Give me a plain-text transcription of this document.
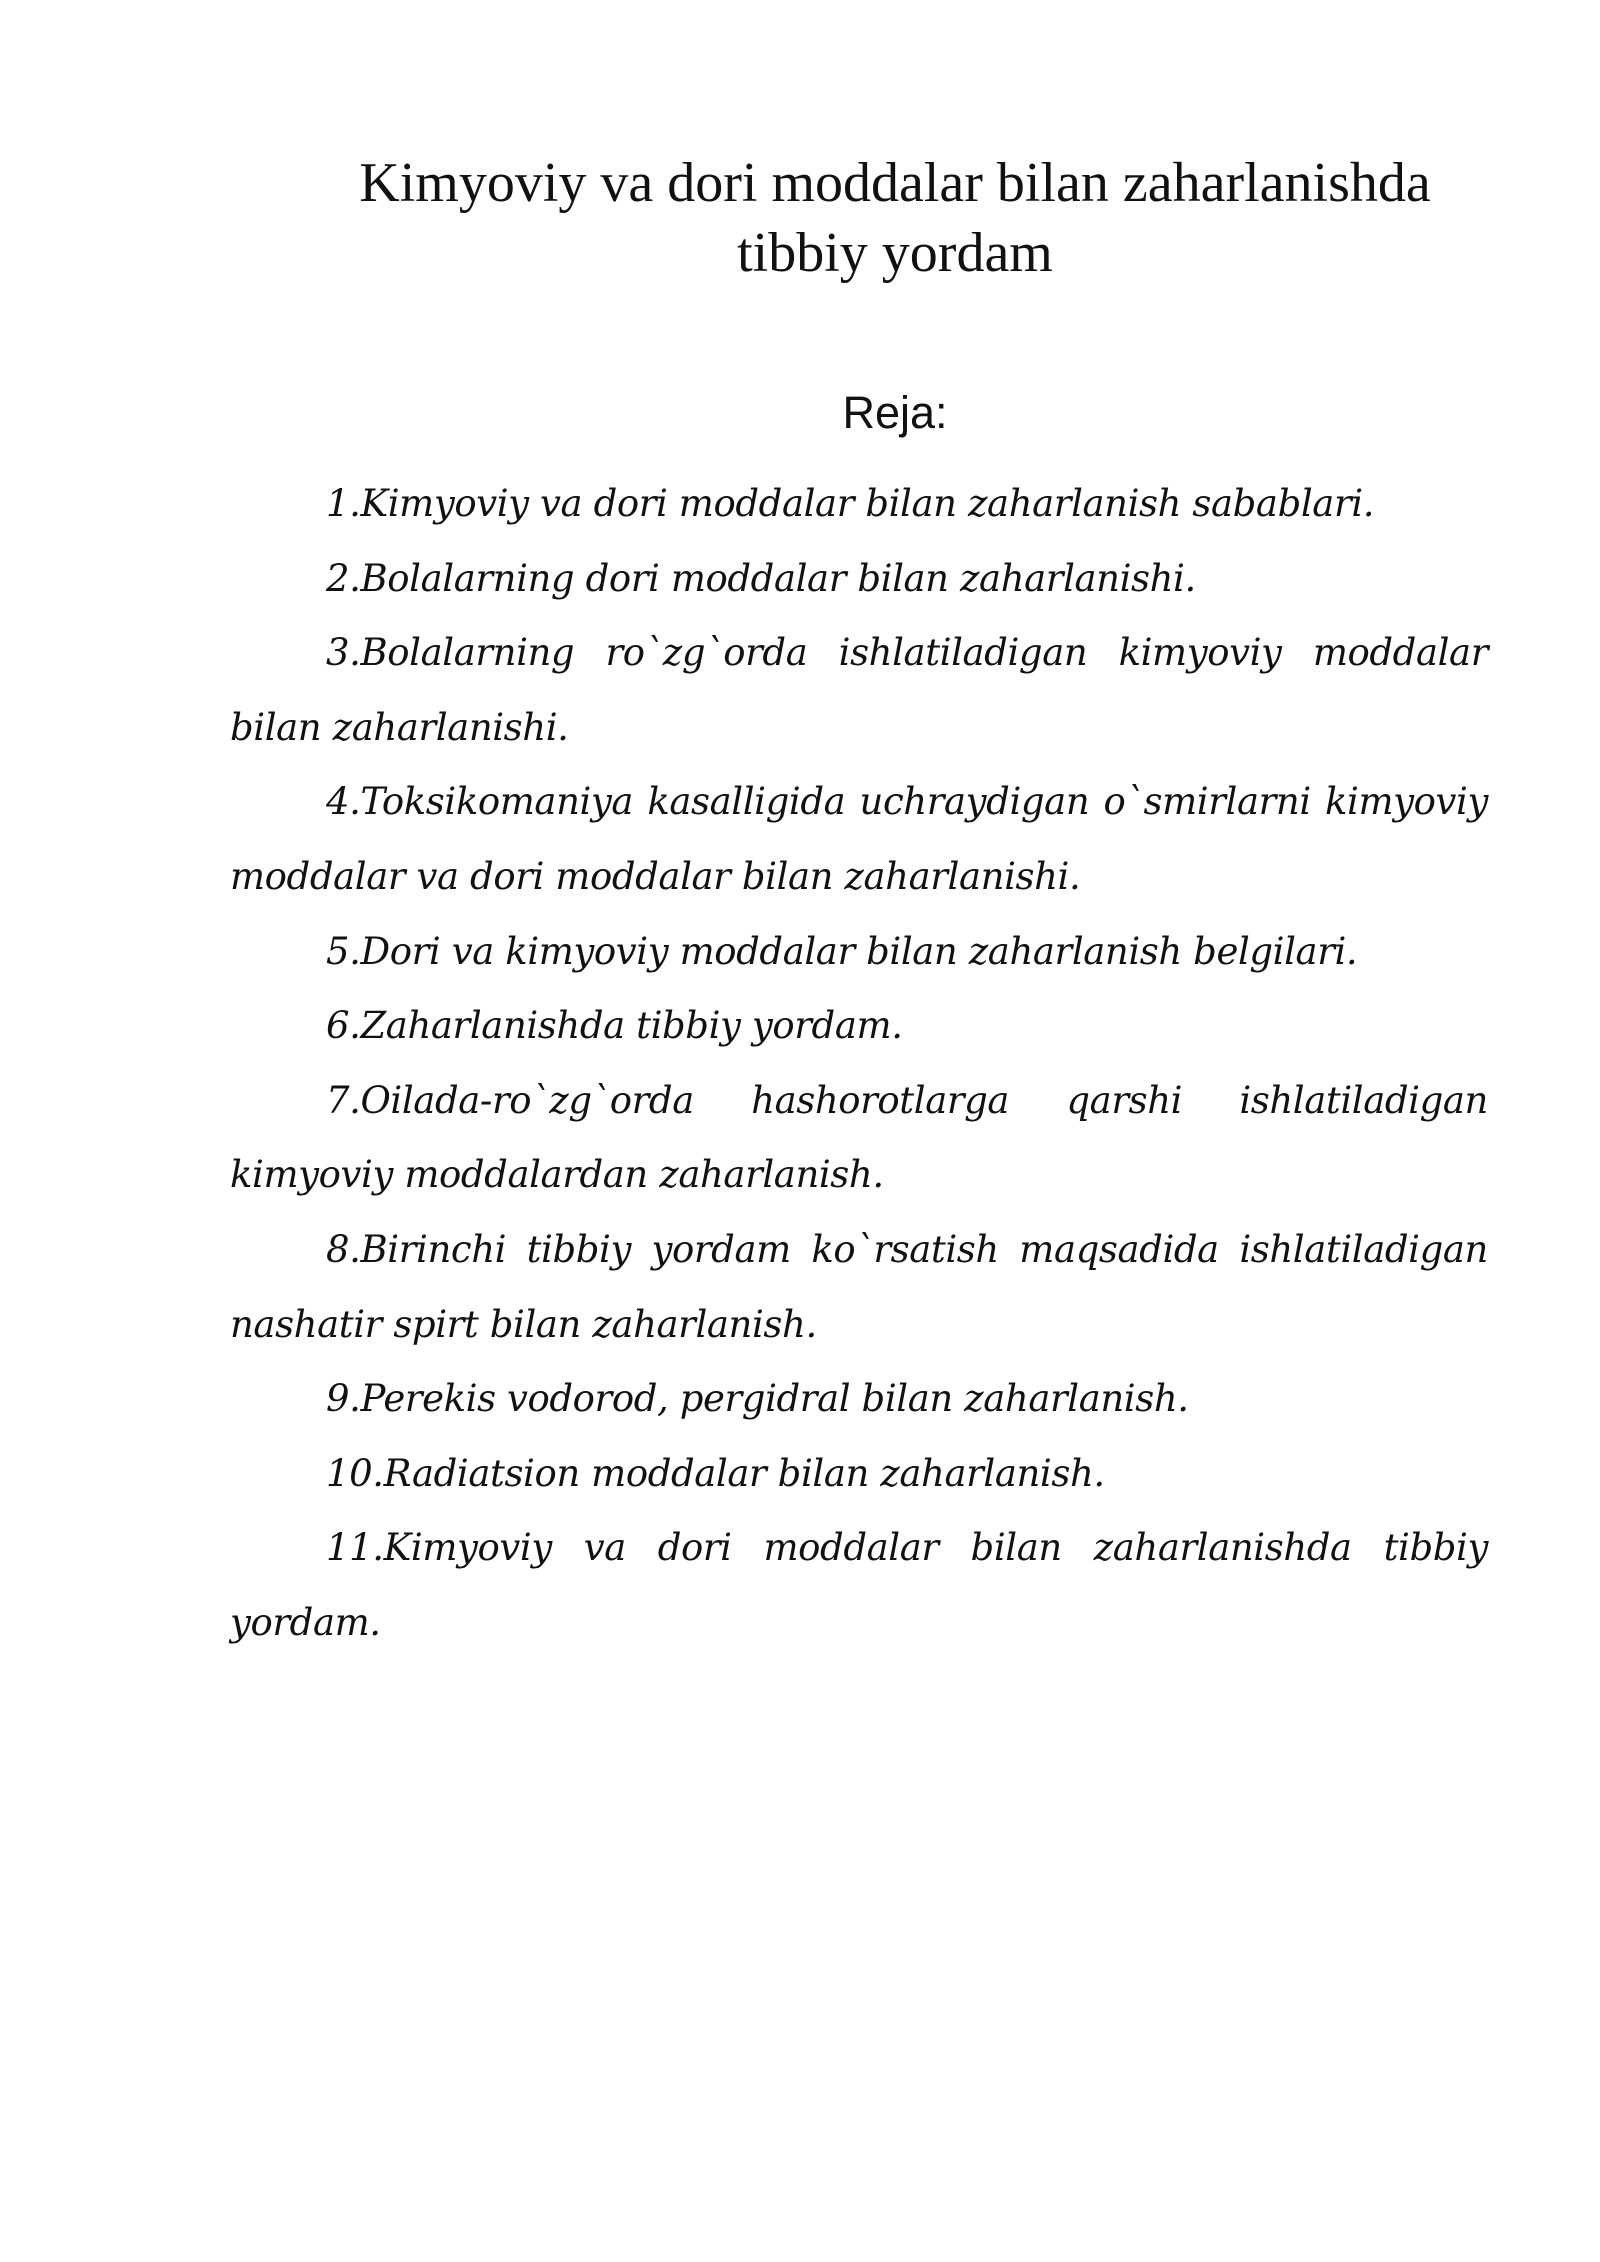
Kimyoviy va dori moddalar bilan zaharlanishda
tibbiy yordam

Reja:

1.Kimyoviy va dori moddalar bilan zaharlanish sabablari.
2.Bolalarning dori moddalar bilan zaharlanishi.
3.Bolalarning ro`zg`orda ishlatiladigan kimyoviy moddalar bilan zaharlanishi.
4.Toksikomaniya kasalligida uchraydigan o`smirlarni kimyoviy moddalar va dori moddalar bilan zaharlanishi.
5.Dori va kimyoviy moddalar bilan zaharlanish belgilari.
6.Zaharlanishda tibbiy yordam.
7.Oilada-ro`zg`orda hashorotlarga qarshi ishlatiladigan kimyoviy moddalardan zaharlanish.
8.Birinchi tibbiy yordam ko`rsatish maqsadida ishlatiladigan nashatir spirt bilan zaharlanish.
9.Perekis vodorod, pergidral bilan zaharlanish.
10.Radiatsion moddalar bilan zaharlanish.
11.Kimyoviy va dori moddalar bilan zaharlanishda tibbiy yordam.
